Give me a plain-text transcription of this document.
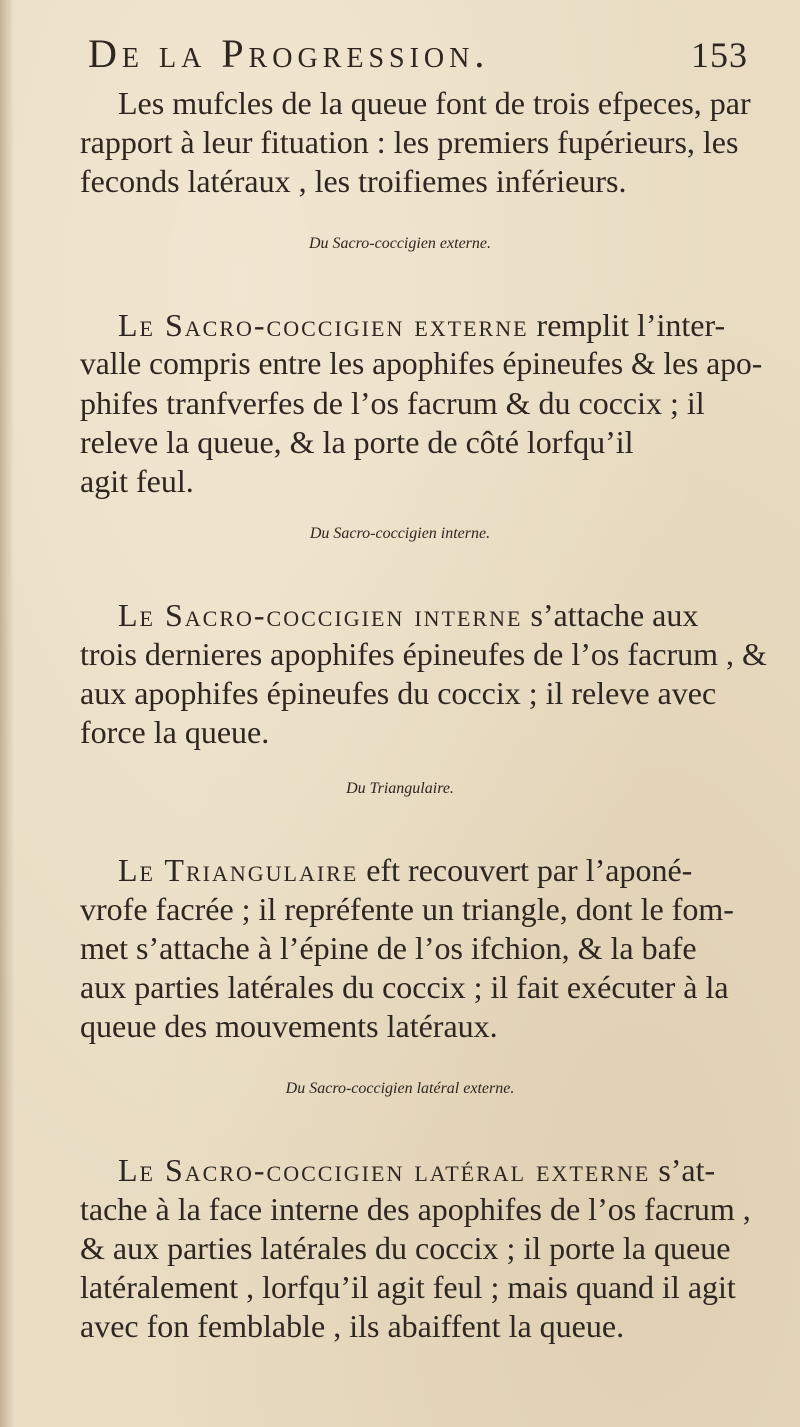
De la Progression.	153
Les mufcles de la queue font de trois efpeces, par
rapport à leur fituation : les premiers fupérieurs, les
feconds latéraux , les troifiemes inférieurs.
Du Sacro-coccigien externe.
Le Sacro-coccigien externe remplit l’inter-
valle compris entre les apophifes épineufes & les apo-
phifes tranfverfes de l’os facrum & du coccix ; il
releve la queue, & la porte de côté lorfqu’il
agit feul.
Du Sacro-coccigien interne.
Le Sacro-coccigien interne s’attache aux
trois dernieres apophifes épineufes de l’os facrum , &
aux apophifes épineufes du coccix ; il releve avec
force la queue.
Du Triangulaire.
Le Triangulaire eft recouvert par l’aponé-
vrofe facrée ; il repréfente un triangle, dont le fom-
met s’attache à l’épine de l’os ifchion, & la bafe
aux parties latérales du coccix ; il fait exécuter à la
queue des mouvements latéraux.
Du Sacro-coccigien latéral externe.
Le Sacro-coccigien latéral externe s’at-
tache à la face interne des apophifes de l’os facrum ,
& aux parties latérales du coccix ; il porte la queue
latéralement , lorfqu’il agit feul ; mais quand il agit
avec fon femblable , ils abaiffent la queue.
